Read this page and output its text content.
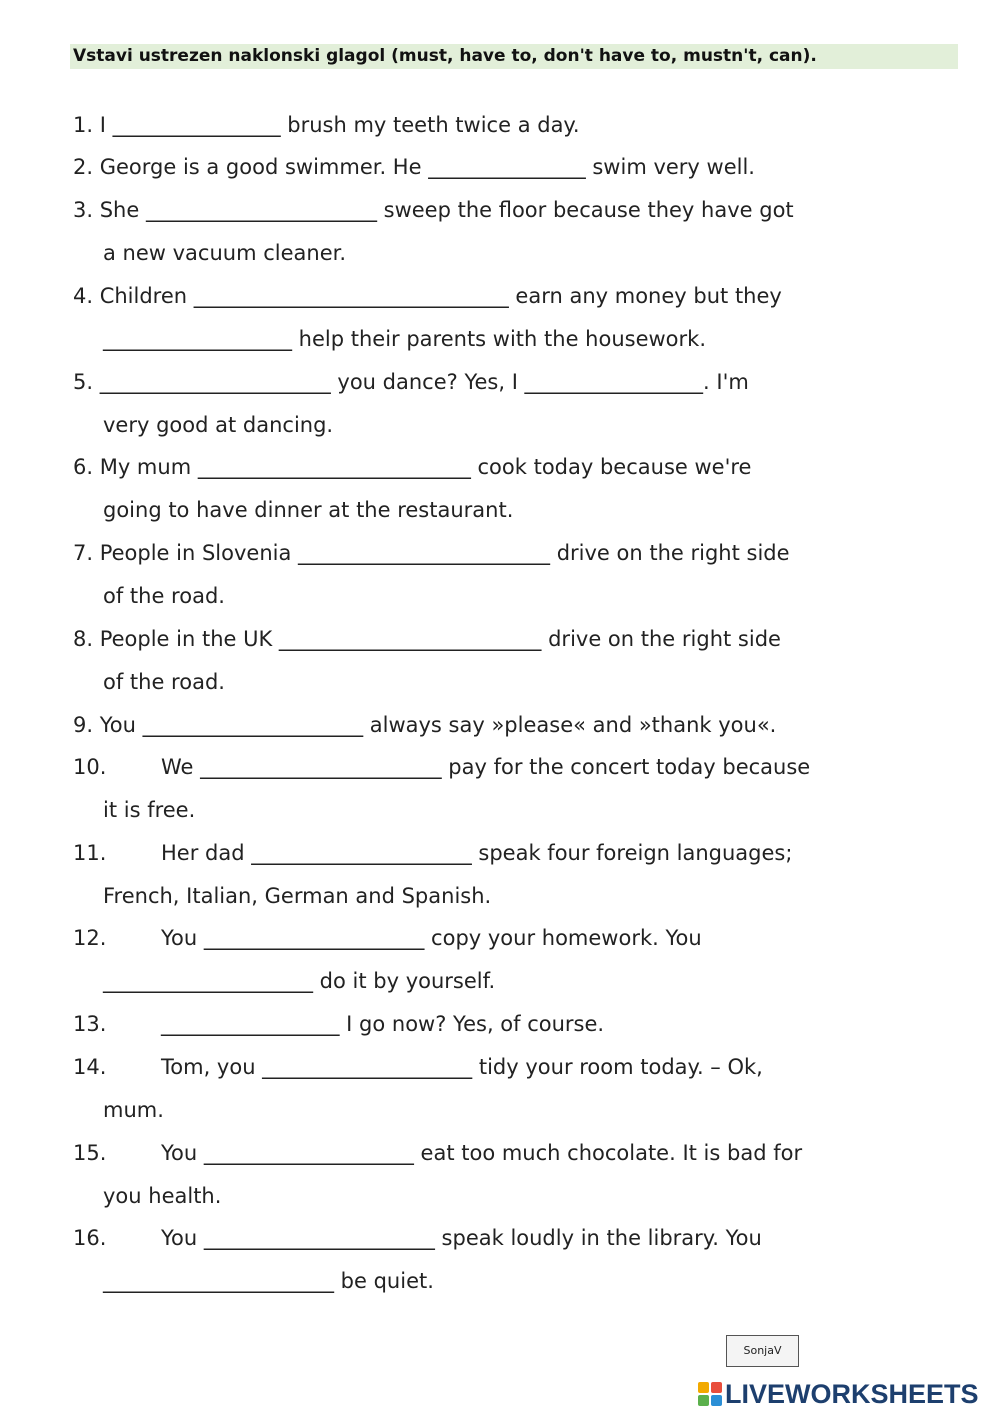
Vstavi ustrezen naklonski glagol (must, have to, don't have to, mustn't, can).
1. I ________________ brush my teeth twice a day.
2. George is a good swimmer. He _______________ swim very well.
3. She ______________________ sweep the floor because they have got
a new vacuum cleaner.
4. Children ______________________________ earn any money but they
__________________ help their parents with the housework.
5. ______________________ you dance? Yes, I _________________. I'm
very good at dancing.
6. My mum __________________________ cook today because we're
going to have dinner at the restaurant.
7. People in Slovenia ________________________ drive on the right side
of the road.
8. People in the UK _________________________ drive on the right side
of the road.
9. You _____________________ always say »please« and »thank you«.
10.	We _______________________ pay for the concert today because
it is free.
11.	Her dad _____________________ speak four foreign languages;
French, Italian, German and Spanish.
12.	You _____________________ copy your homework. You
____________________ do it by yourself.
13.	_________________ I go now? Yes, of course.
14.	Tom, you ____________________ tidy your room today. – Ok,
mum.
15.	You ____________________ eat too much chocolate. It is bad for
you health.
16.	You ______________________ speak loudly in the library. You
______________________ be quiet.
SonjaV
LIVEWORKSHEETS
